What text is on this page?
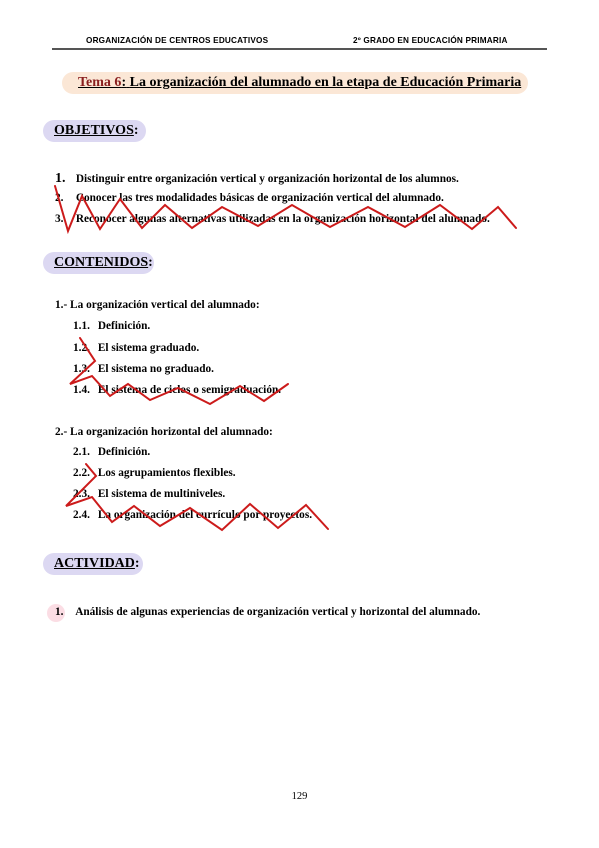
ORGANIZACIÓN DE CENTROS EDUCATIVOS	2º GRADO EN EDUCACIÓN PRIMARIA
Tema 6: La organización del alumnado en la etapa de Educación Primaria
OBJETIVOS:
1. Distinguir entre organización vertical y organización horizontal de los alumnos.
2. Conocer las tres modalidades básicas de organización vertical del alumnado.
3. Reconocer algunas alternativas utilizadas en la organización horizontal del alumnado.
CONTENIDOS:
1.- La organización vertical del alumnado:
1.1. Definición.
1.2. El sistema graduado.
1.3. El sistema no graduado.
1.4. El sistema de ciclos o semigraduación.
2.- La organización horizontal del alumnado:
2.1. Definición.
2.2. Los agrupamientos flexibles.
2.3. El sistema de multiniveles.
2.4. La organización del currículo por proyectos.
ACTIVIDAD:
1. Análisis de algunas experiencias de organización vertical y horizontal del alumnado.
129
